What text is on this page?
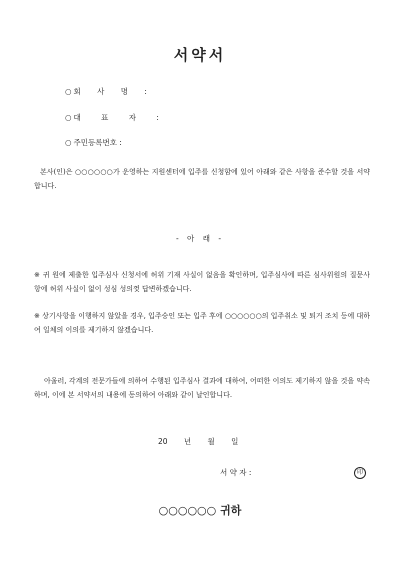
서약서
○ 회 사 명 :
○ 대 표 자 :
○ 주민등록번호 :
본사(인)은 ○○○○○○가 운영하는 지원센터에 입주를 신청함에 있어 아래와 같은 사항을 준수할 것을 서약합니다.
- 아 래 -
※ 귀 원에 제출한 입주심사 신청서에 허위 기재 사실이 없음을 확인하며, 입주심사에 따른 심사위원의 질문사항에 허위 사실이 없이 성심 성의껏 답변하겠습니다.
※ 상기사항을 이행하지 않았을 경우, 입주승인 또는 입주 후에 ○○○○○○의 입주취소 및 퇴거 조치 등에 대하여 일체의 이의를 제기하지 않겠습니다.
아울러, 각계의 전문가들에 의하여 수행된 입주심사 결과에 대하여, 어떠한 이의도 제기하지 않을 것을 약속하며, 이에 본 서약서의 내용에 동의하여 아래와 같이 날인합니다.
20 년 월 일
서 약 자 :	印
○○○○○○ 귀하
